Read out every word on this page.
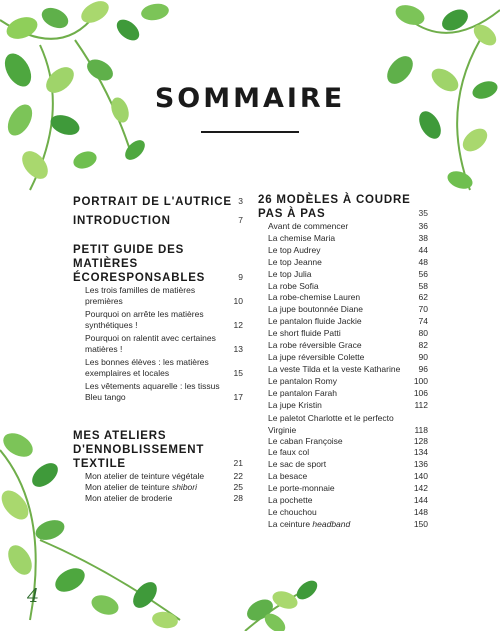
SOMMAIRE
PORTRAIT DE L'AUTRICE 3
INTRODUCTION	7
PETIT GUIDE DES MATIÈRES ÉCORESPONSABLES	9
Les trois familles de matières premières	10
Pourquoi on arrête les matières synthétiques !	12
Pourquoi on ralentit avec certaines matières !	13
Les bonnes élèves : les matières exemplaires et locales	15
Les vêtements aquarelle : les tissus Bleu tango	17
MES ATELIERS D'ENNOBLISSEMENT TEXTILE	21
Mon atelier de teinture végétale	22
Mon atelier de teinture shibori	25
Mon atelier de broderie	28
26 MODÈLES À COUDRE PAS À PAS	35
Avant de commencer	36
La chemise Maria	38
Le top Audrey	44
Le top Jeanne	48
Le top Julia	56
La robe Sofia	58
La robe-chemise Lauren	62
La jupe boutonnée Diane	70
Le pantalon fluide Jackie	74
Le short fluide Patti	80
La robe réversible Grace	82
La jupe réversible Colette	90
La veste Tilda et la veste Katharine 96
Le pantalon Romy	100
Le pantalon Farah	106
La jupe Kristin	112
Le paletot Charlotte et le perfecto Virginie	118
Le caban Françoise	128
Le faux col	134
Le sac de sport	136
La besace	140
Le porte-monnaie	142
La pochette	144
Le chouchou	148
La ceinture headband	150
4
